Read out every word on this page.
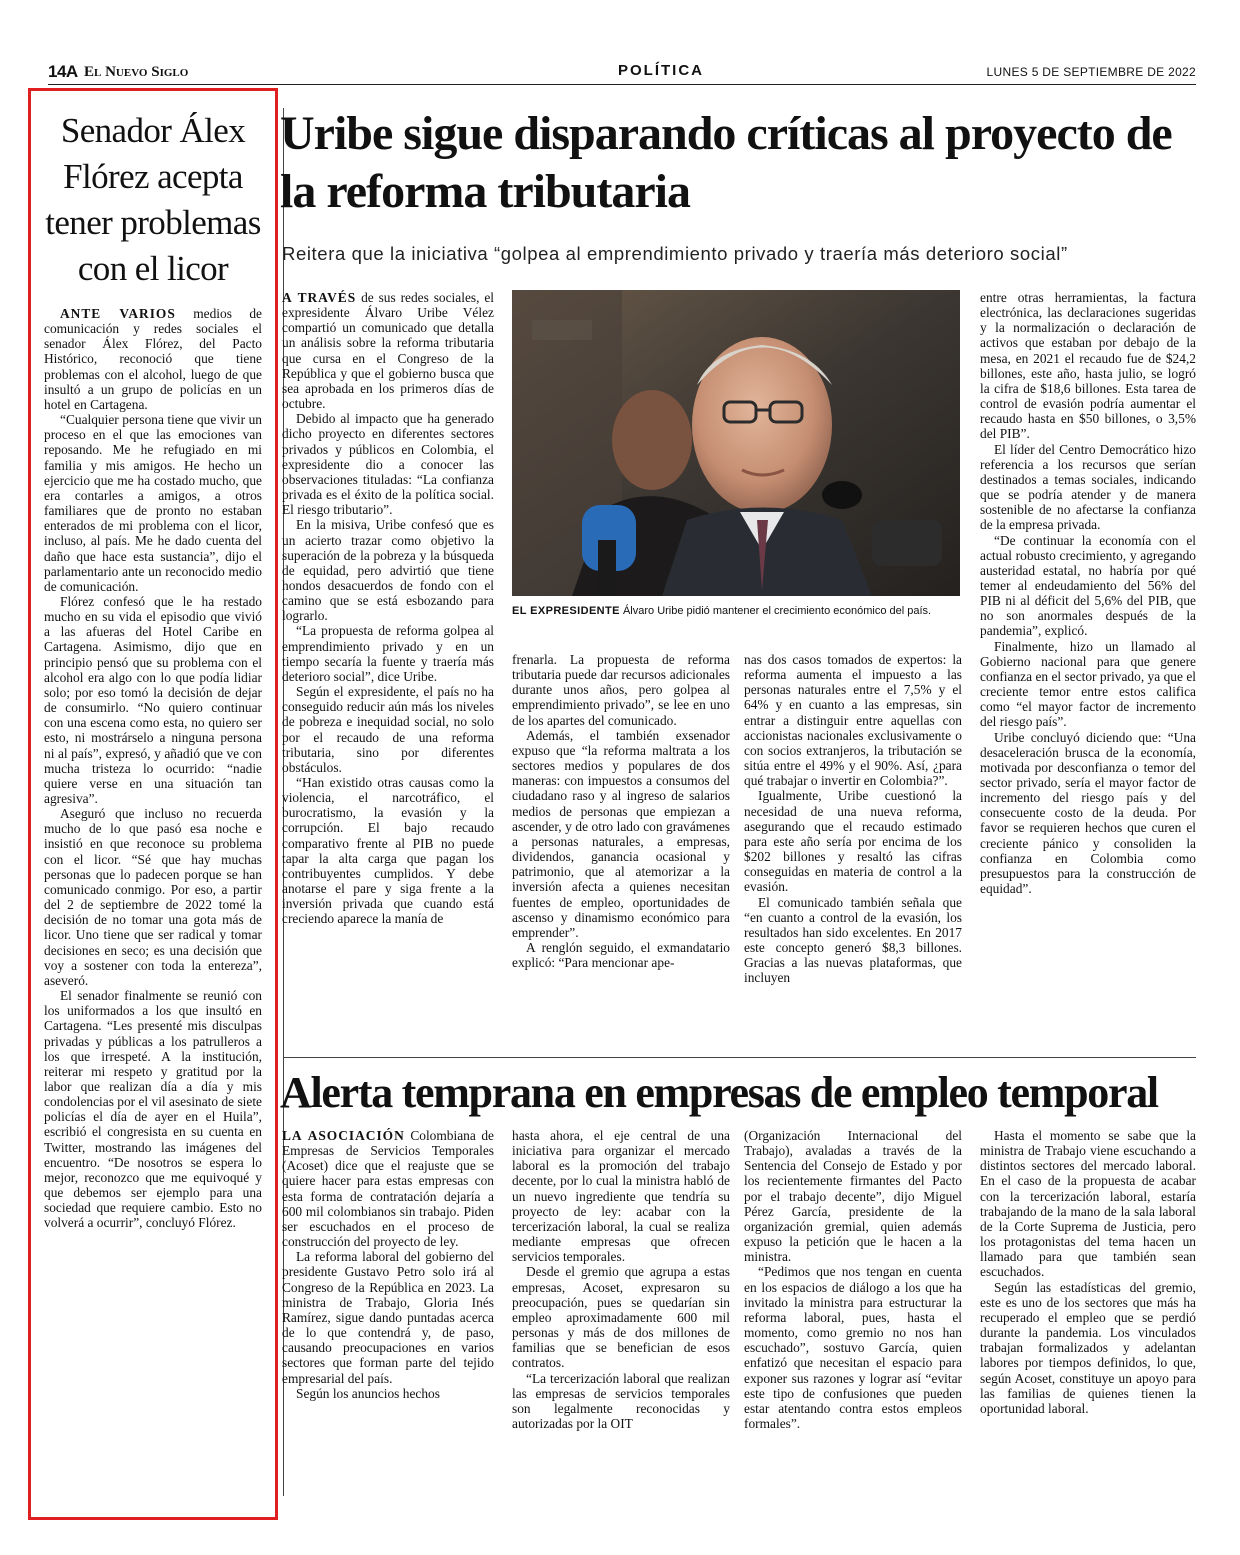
14A El Nuevo Siglo	POLÍTICA	LUNES 5 DE SEPTIEMBRE DE 2022
Senador Álex Flórez acepta tener problemas con el licor

ANTE VARIOS medios de comunicación y redes sociales el senador Álex Flórez, del Pacto Histórico, reconoció que tiene problemas con el alcohol, luego de que insultó a un grupo de policías en un hotel en Cartagena.

“Cualquier persona tiene que vivir un proceso en el que las emociones van reposando. Me he refugiado en mi familia y mis amigos. He hecho un ejercicio que me ha costado mucho, que era contarles a amigos, a otros familiares que de pronto no estaban enterados de mi problema con el licor, incluso, al país. Me he dado cuenta del daño que hace esta sustancia”, dijo el parlamentario ante un reconocido medio de comunicación.

Flórez confesó que le ha restado mucho en su vida el episodio que vivió a las afueras del Hotel Caribe en Cartagena. Asimismo, dijo que en principio pensó que su problema con el alcohol era algo con lo que podía lidiar solo; por eso tomó la decisión de dejar de consumirlo. “No quiero continuar con una escena como esta, no quiero ser esto, ni mostrárselo a ninguna persona ni al país”, expresó, y añadió que ve con mucha tristeza lo ocurrido: “nadie quiere verse en una situación tan agresiva”.

Aseguró que incluso no recuerda mucho de lo que pasó esa noche e insistió en que reconoce su problema con el licor. “Sé que hay muchas personas que lo padecen porque se han comunicado conmigo. Por eso, a partir del 2 de septiembre de 2022 tomé la decisión de no tomar una gota más de licor. Uno tiene que ser radical y tomar decisiones en seco; es una decisión que voy a sostener con toda la entereza”, aseveró.

El senador finalmente se reunió con los uniformados a los que insultó en Cartagena. “Les presenté mis disculpas privadas y públicas a los patrulleros a los que irrespeté. A la institución, reiterar mi respeto y gratitud por la labor que realizan día a día y mis condolencias por el vil asesinato de siete policías el día de ayer en el Huila”, escribió el congresista en su cuenta en Twitter, mostrando las imágenes del encuentro. “De nosotros se espera lo mejor, reconozco que me equivoqué y que debemos ser ejemplo para una sociedad que requiere cambio. Esto no volverá a ocurrir”, concluyó Flórez.

Uribe sigue disparando críticas al proyecto de la reforma tributaria
Reitera que la iniciativa “golpea al emprendimiento privado y traería más deterioro social”

A TRAVÉS de sus redes sociales, el expresidente Álvaro Uribe Vélez compartió un comunicado que detalla un análisis sobre la reforma tributaria que cursa en el Congreso de la República y que el gobierno busca que sea aprobada en los primeros días de octubre.

Debido al impacto que ha generado dicho proyecto en diferentes sectores privados y públicos en Colombia, el expresidente dio a conocer las observaciones tituladas: “La confianza privada es el éxito de la política social. El riesgo tributario”.

En la misiva, Uribe confesó que es un acierto trazar como objetivo la superación de la pobreza y la búsqueda de equidad, pero advirtió que tiene hondos desacuerdos de fondo con el camino que se está esbozando para lograrlo.

“La propuesta de reforma golpea al emprendimiento privado y en un tiempo secaría la fuente y traería más deterioro social”, dice Uribe.

Según el expresidente, el país no ha conseguido reducir aún más los niveles de pobreza e inequidad social, no solo por el recaudo de una reforma tributaria, sino por diferentes obstáculos.

“Han existido otras causas como la violencia, el narcotráfico, el burocratismo, la evasión y la corrupción. El bajo recaudo comparativo frente al PIB no puede tapar la alta carga que pagan los contribuyentes cumplidos. Y debe anotarse el pare y siga frente a la inversión privada que cuando está creciendo aparece la manía de

EL EXPRESIDENTE Álvaro Uribe pidió mantener el crecimiento económico del país.

frenarla. La propuesta de reforma tributaria puede dar recursos adicionales durante unos años, pero golpea al emprendimiento privado”, se lee en uno de los apartes del comunicado.

Además, el también exsenador expuso que “la reforma maltrata a los sectores medios y populares de dos maneras: con impuestos a consumos del ciudadano raso y al ingreso de salarios medios de personas que empiezan a ascender, y de otro lado con gravámenes a personas naturales, a empresas, dividendos, ganancia ocasional y patrimonio, que al atemorizar a la inversión afecta a quienes necesitan fuentes de empleo, oportunidades de ascenso y dinamismo económico para emprender”.

A renglón seguido, el exmandatario explicó: “Para mencionar ape-

nas dos casos tomados de expertos: la reforma aumenta el impuesto a las personas naturales entre el 7,5% y el 64% y en cuanto a las empresas, sin entrar a distinguir entre aquellas con accionistas nacionales exclusivamente o con socios extranjeros, la tributación se sitúa entre el 49% y el 90%. Así, ¿para qué trabajar o invertir en Colombia?”.

Igualmente, Uribe cuestionó la necesidad de una nueva reforma, asegurando que el recaudo estimado para este año sería por encima de los $202 billones y resaltó las cifras conseguidas en materia de control a la evasión.

El comunicado también señala que “en cuanto a control de la evasión, los resultados han sido excelentes. En 2017 este concepto generó $8,3 billones. Gracias a las nuevas plataformas, que incluyen

entre otras herramientas, la factura electrónica, las declaraciones sugeridas y la normalización o declaración de activos que estaban por debajo de la mesa, en 2021 el recaudo fue de $24,2 billones, este año, hasta julio, se logró la cifra de $18,6 billones. Esta tarea de control de evasión podría aumentar el recaudo hasta en $50 billones, o 3,5% del PIB”.

El líder del Centro Democrático hizo referencia a los recursos que serían destinados a temas sociales, indicando que se podría atender y de manera sostenible de no afectarse la confianza de la empresa privada.

“De continuar la economía con el actual robusto crecimiento, y agregando austeridad estatal, no habría por qué temer al endeudamiento del 56% del PIB ni al déficit del 5,6% del PIB, que no son anormales después de la pandemia”, explicó.

Finalmente, hizo un llamado al Gobierno nacional para que genere confianza en el sector privado, ya que el creciente temor entre estos califica como “el mayor factor de incremento del riesgo país”.

Uribe concluyó diciendo que: “Una desaceleración brusca de la economía, motivada por desconfianza o temor del sector privado, sería el mayor factor de incremento del riesgo país y del consecuente costo de la deuda. Por favor se requieren hechos que curen el creciente pánico y consoliden la confianza en Colombia como presupuestos para la construcción de equidad”.

Alerta temprana en empresas de empleo temporal

LA ASOCIACIÓN Colombiana de Empresas de Servicios Temporales (Acoset) dice que el reajuste que se quiere hacer para estas empresas con esta forma de contratación dejaría a 600 mil colombianos sin trabajo. Piden ser escuchados en el proceso de construcción del proyecto de ley.

La reforma laboral del gobierno del presidente Gustavo Petro solo irá al Congreso de la República en 2023. La ministra de Trabajo, Gloria Inés Ramírez, sigue dando puntadas acerca de lo que contendrá y, de paso, causando preocupaciones en varios sectores que forman parte del tejido empresarial del país.

Según los anuncios hechos

hasta ahora, el eje central de una iniciativa para organizar el mercado laboral es la promoción del trabajo decente, por lo cual la ministra habló de un nuevo ingrediente que tendría su proyecto de ley: acabar con la tercerización laboral, la cual se realiza mediante empresas que ofrecen servicios temporales.

Desde el gremio que agrupa a estas empresas, Acoset, expresaron su preocupación, pues se quedarían sin empleo aproximadamente 600 mil personas y más de dos millones de familias que se benefician de esos contratos.

“La tercerización laboral que realizan las empresas de servicios temporales son legalmente reconocidas y autorizadas por la OIT

(Organización Internacional del Trabajo), avaladas a través de la Sentencia del Consejo de Estado y por los recientemente firmantes del Pacto por el trabajo decente”, dijo Miguel Pérez García, presidente de la organización gremial, quien además expuso la petición que le hacen a la ministra.

“Pedimos que nos tengan en cuenta en los espacios de diálogo a los que ha invitado la ministra para estructurar la reforma laboral, pues, hasta el momento, como gremio no nos han escuchado”, sostuvo García, quien enfatizó que necesitan el espacio para exponer sus razones y lograr así “evitar este tipo de confusiones que pueden estar atentando contra estos empleos formales”.

Hasta el momento se sabe que la ministra de Trabajo viene escuchando a distintos sectores del mercado laboral. En el caso de la propuesta de acabar con la tercerización laboral, estaría trabajando de la mano de la sala laboral de la Corte Suprema de Justicia, pero los protagonistas del tema hacen un llamado para que también sean escuchados.

Según las estadísticas del gremio, este es uno de los sectores que más ha recuperado el empleo que se perdió durante la pandemia. Los vinculados trabajan formalizados y adelantan labores por tiempos definidos, lo que, según Acoset, constituye un apoyo para las familias de quienes tienen la oportunidad laboral.
